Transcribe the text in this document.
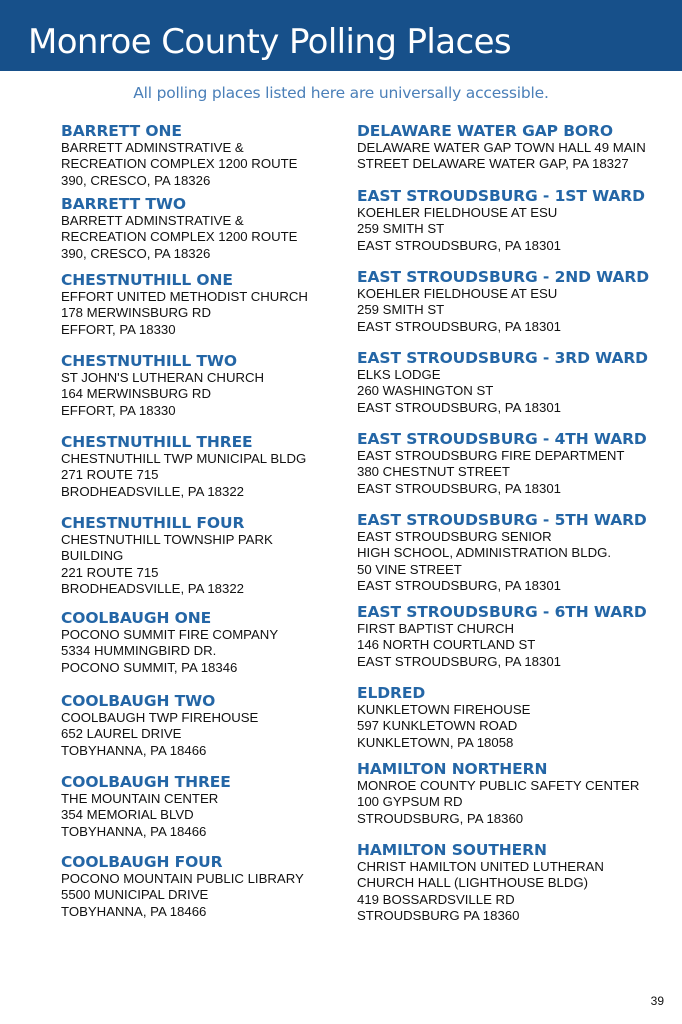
Monroe County Polling Places
All polling places listed here are universally accessible.
BARRETT ONE
BARRETT ADMINSTRATIVE &
RECREATION COMPLEX 1200 ROUTE
390, CRESCO, PA 18326
BARRETT TWO
BARRETT ADMINSTRATIVE &
RECREATION COMPLEX 1200 ROUTE
390, CRESCO, PA 18326
CHESTNUTHILL ONE
EFFORT UNITED METHODIST CHURCH
178 MERWINSBURG RD
EFFORT, PA 18330
CHESTNUTHILL TWO
ST JOHN'S LUTHERAN CHURCH
164 MERWINSBURG RD
EFFORT, PA 18330
CHESTNUTHILL THREE
CHESTNUTHILL TWP MUNICIPAL BLDG
271 ROUTE 715
BRODHEADSVILLE, PA 18322
CHESTNUTHILL FOUR
CHESTNUTHILL TOWNSHIP PARK
BUILDING
221 ROUTE 715
BRODHEADSVILLE, PA 18322
COOLBAUGH ONE
POCONO SUMMIT FIRE COMPANY
5334 HUMMINGBIRD DR.
POCONO SUMMIT, PA 18346
COOLBAUGH TWO
COOLBAUGH TWP FIREHOUSE
652 LAUREL DRIVE
TOBYHANNA, PA 18466
COOLBAUGH THREE
THE MOUNTAIN CENTER
354 MEMORIAL BLVD
TOBYHANNA, PA 18466
COOLBAUGH FOUR
POCONO MOUNTAIN PUBLIC LIBRARY
5500 MUNICIPAL DRIVE
TOBYHANNA, PA 18466
DELAWARE WATER GAP BORO
DELAWARE WATER GAP TOWN HALL 49 MAIN
STREET DELAWARE WATER GAP, PA 18327
EAST STROUDSBURG - 1ST WARD
KOEHLER FIELDHOUSE AT ESU
259 SMITH ST
EAST STROUDSBURG, PA 18301
EAST STROUDSBURG - 2ND WARD
KOEHLER FIELDHOUSE AT ESU
259 SMITH ST
EAST STROUDSBURG, PA 18301
EAST STROUDSBURG - 3RD WARD
ELKS LODGE
260 WASHINGTON ST
EAST STROUDSBURG, PA 18301
EAST STROUDSBURG - 4TH WARD
EAST STROUDSBURG FIRE DEPARTMENT
380 CHESTNUT STREET
EAST STROUDSBURG, PA 18301
EAST STROUDSBURG - 5TH WARD
EAST STROUDSBURG SENIOR
HIGH SCHOOL, ADMINISTRATION BLDG.
50 VINE STREET
EAST STROUDSBURG, PA 18301
EAST STROUDSBURG - 6TH WARD
FIRST BAPTIST CHURCH
146 NORTH COURTLAND ST
EAST STROUDSBURG, PA 18301
ELDRED
KUNKLETOWN FIREHOUSE
597 KUNKLETOWN ROAD
KUNKLETOWN, PA 18058
HAMILTON NORTHERN
MONROE COUNTY PUBLIC SAFETY CENTER
100 GYPSUM RD
STROUDSBURG, PA 18360
HAMILTON SOUTHERN
CHRIST HAMILTON UNITED LUTHERAN
CHURCH HALL (LIGHTHOUSE BLDG)
419 BOSSARDSVILLE RD
STROUDSBURG PA 18360
39
